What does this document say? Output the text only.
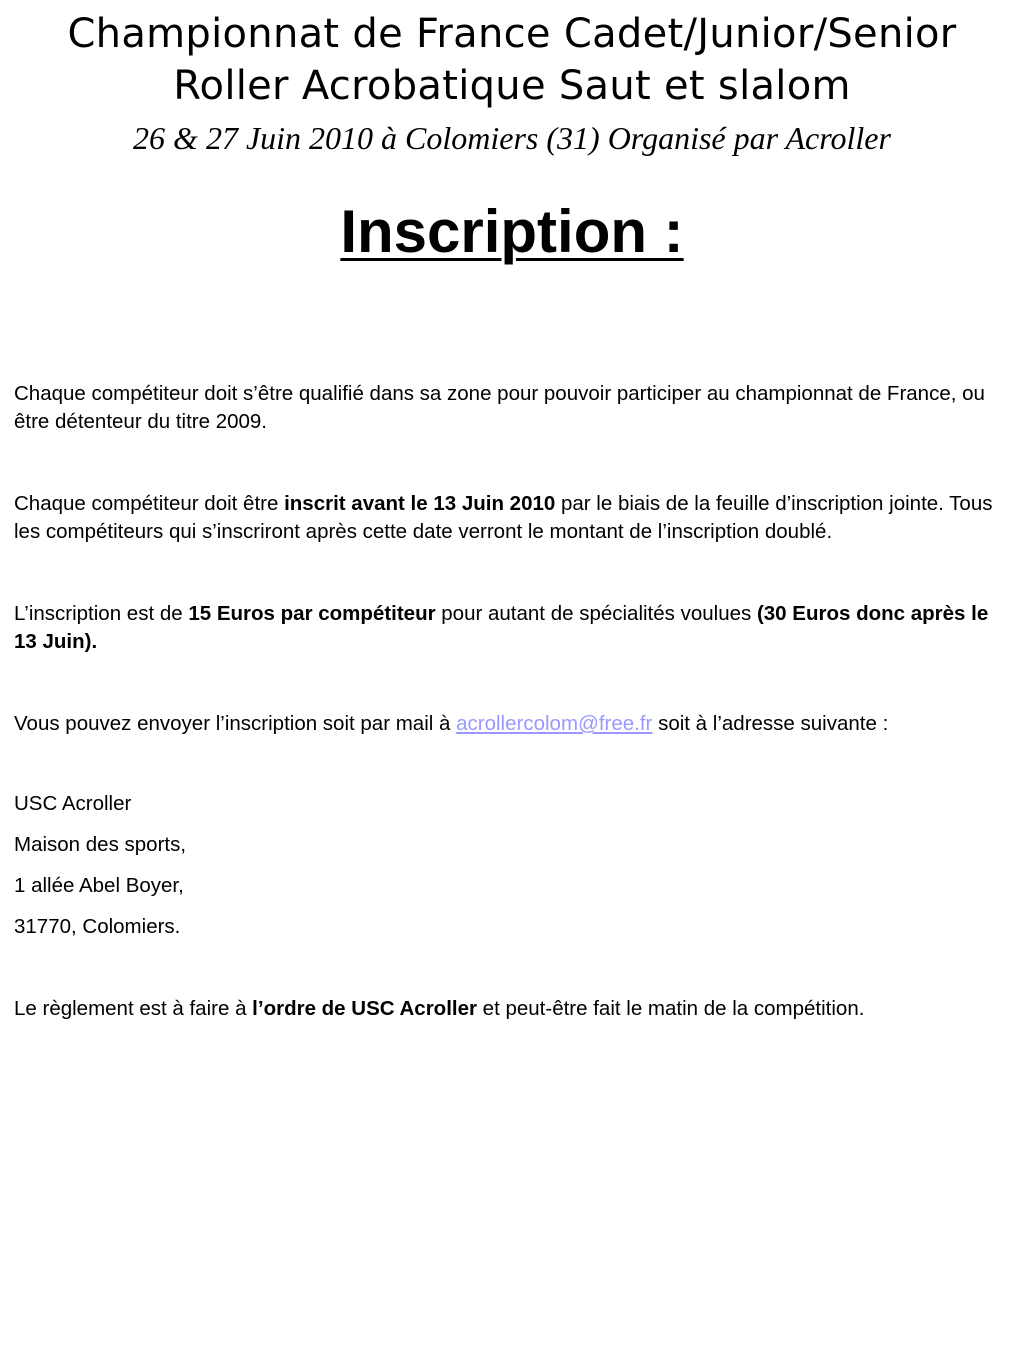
Championnat de France Cadet/Junior/Senior
Roller Acrobatique Saut et slalom

26 & 27 Juin 2010 à Colomiers (31) Organisé par Acroller

Inscription :

Chaque compétiteur doit s’être qualifié dans sa zone pour pouvoir participer au championnat de France, ou être détenteur du titre 2009.

Chaque compétiteur doit être inscrit avant le 13 Juin 2010 par le biais de la feuille d’inscription jointe. Tous les compétiteurs qui s’inscriront après cette date verront le montant de l’inscription doublé.

L’inscription est de 15 Euros par compétiteur pour autant de spécialités voulues (30 Euros donc après le 13 Juin).

Vous pouvez envoyer l’inscription soit par mail à acrollercolom@free.fr soit à l’adresse suivante :

USC Acroller

Maison des sports,

1 allée Abel Boyer,

31770, Colomiers.

Le règlement est à faire à l’ordre de USC Acroller et peut-être fait le matin de la compétition.
